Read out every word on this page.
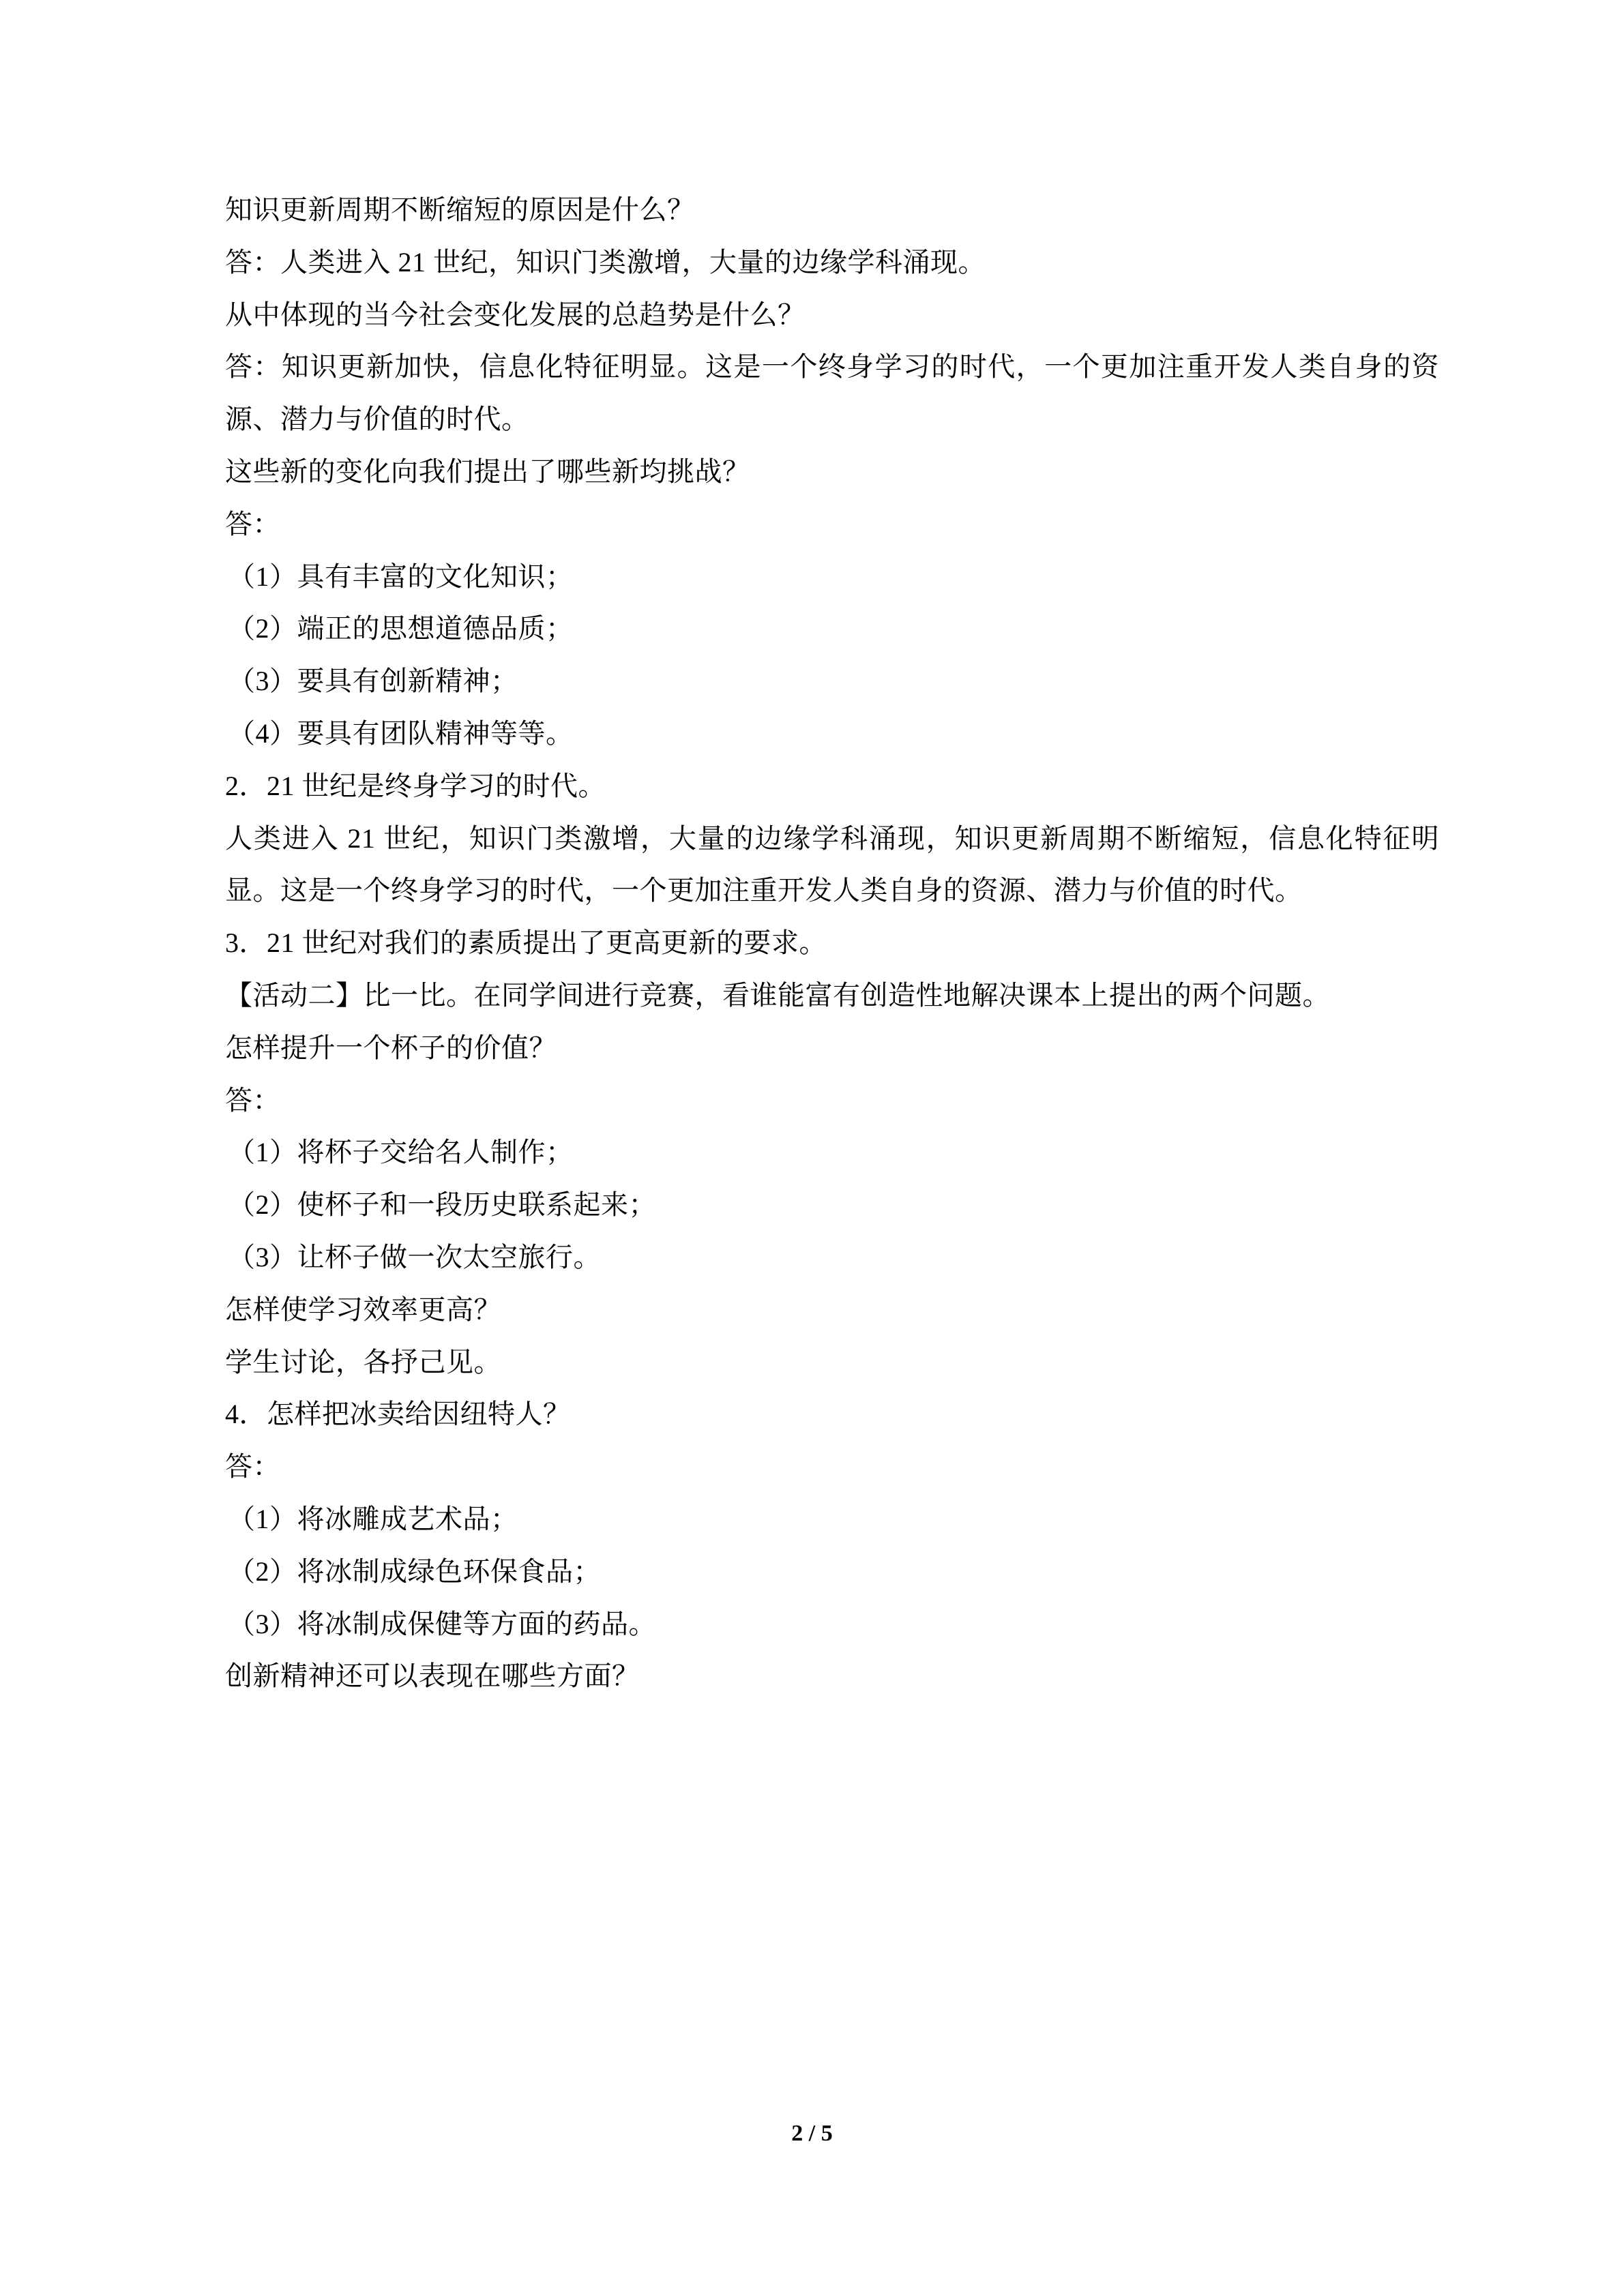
知识更新周期不断缩短的原因是什么？

答：人类进入 21 世纪，知识门类激增，大量的边缘学科涌现。

从中体现的当今社会变化发展的总趋势是什么？

答：知识更新加快，信息化特征明显。这是一个终身学习的时代，一个更加注重开发人类自身的资源、潜力与价值的时代。

这些新的变化向我们提出了哪些新均挑战？

答：

（1）具有丰富的文化知识；

（2）端正的思想道德品质；

（3）要具有创新精神；

（4）要具有团队精神等等。

2．21 世纪是终身学习的时代。

人类进入 21 世纪，知识门类激增，大量的边缘学科涌现，知识更新周期不断缩短，信息化特征明显。这是一个终身学习的时代，一个更加注重开发人类自身的资源、潜力与价值的时代。

3．21 世纪对我们的素质提出了更高更新的要求。

【活动二】比一比。在同学间进行竞赛，看谁能富有创造性地解决课本上提出的两个问题。

怎样提升一个杯子的价值？

答：

（1）将杯子交给名人制作；

（2）使杯子和一段历史联系起来；

（3）让杯子做一次太空旅行。

怎样使学习效率更高？

学生讨论，各抒己见。

4．怎样把冰卖给因纽特人？

答：

（1）将冰雕成艺术品；

（2）将冰制成绿色环保食品；

（3）将冰制成保健等方面的药品。

创新精神还可以表现在哪些方面？

2 / 5
